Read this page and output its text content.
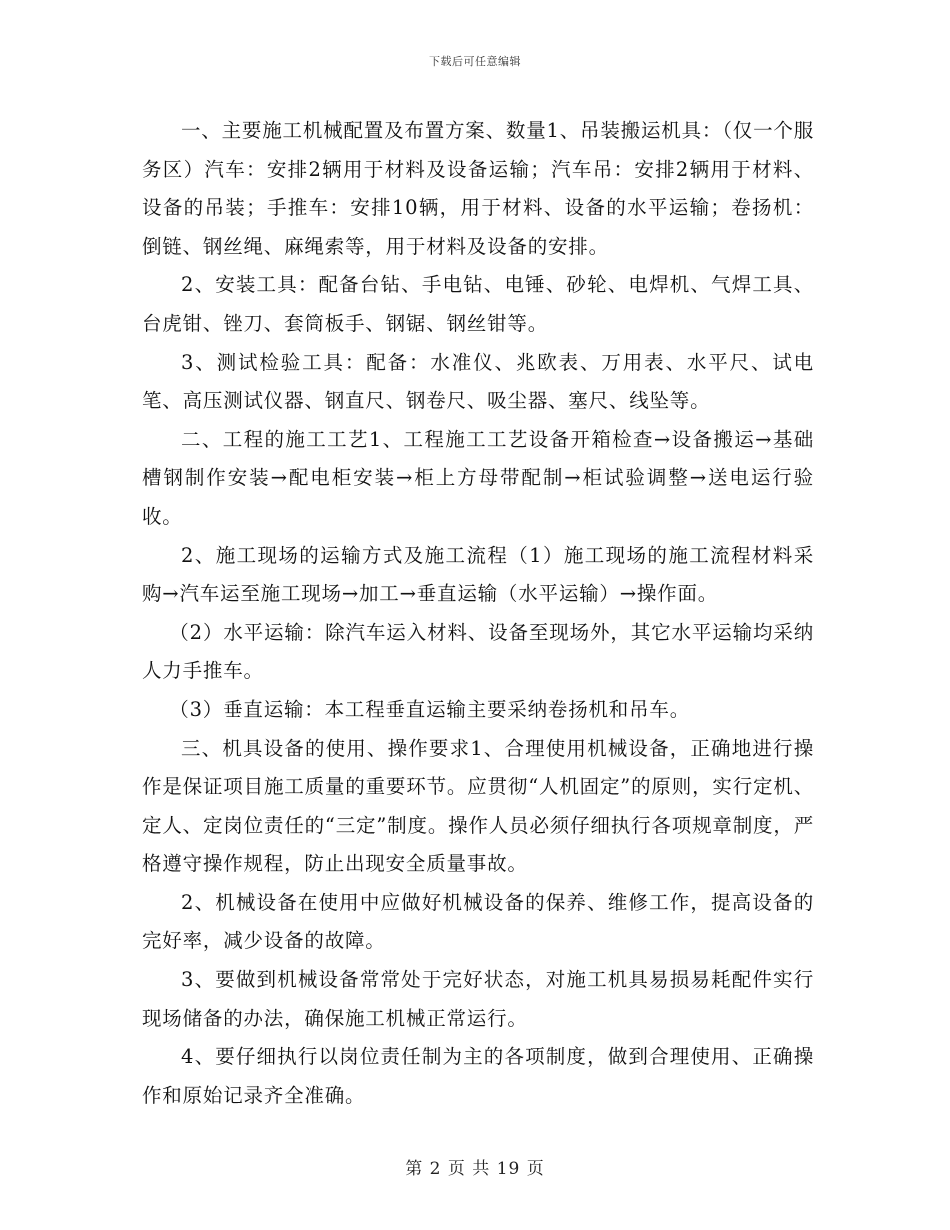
下载后可任意编辑

一、主要施工机械配置及布置方案、数量1、吊装搬运机具：（仅一个服务区）汽车：安排2辆用于材料及设备运输；汽车吊：安排2辆用于材料、设备的吊装；手推车：安排10辆，用于材料、设备的水平运输；卷扬机：倒链、钢丝绳、麻绳索等，用于材料及设备的安排。

2、安装工具：配备台钻、手电钻、电锤、砂轮、电焊机、气焊工具、台虎钳、锉刀、套筒板手、钢锯、钢丝钳等。

3、测试检验工具：配备：水准仪、兆欧表、万用表、水平尺、试电笔、高压测试仪器、钢直尺、钢卷尺、吸尘器、塞尺、线坠等。

二、工程的施工工艺1、工程施工工艺设备开箱检查→设备搬运→基础槽钢制作安装→配电柜安装→柜上方母带配制→柜试验调整→送电运行验收。

2、施工现场的运输方式及施工流程（1）施工现场的施工流程材料采购→汽车运至施工现场→加工→垂直运输（水平运输）→操作面。

（2）水平运输：除汽车运入材料、设备至现场外，其它水平运输均采纳人力手推车。

（3）垂直运输：本工程垂直运输主要采纳卷扬机和吊车。

三、机具设备的使用、操作要求1、合理使用机械设备，正确地进行操作是保证项目施工质量的重要环节。应贯彻“人机固定”的原则，实行定机、定人、定岗位责任的“三定”制度。操作人员必须仔细执行各项规章制度，严格遵守操作规程，防止出现安全质量事故。

2、机械设备在使用中应做好机械设备的保养、维修工作，提高设备的完好率，减少设备的故障。

3、要做到机械设备常常处于完好状态，对施工机具易损易耗配件实行现场储备的办法，确保施工机械正常运行。

4、要仔细执行以岗位责任制为主的各项制度，做到合理使用、正确操作和原始记录齐全准确。

第 2 页 共 19 页
